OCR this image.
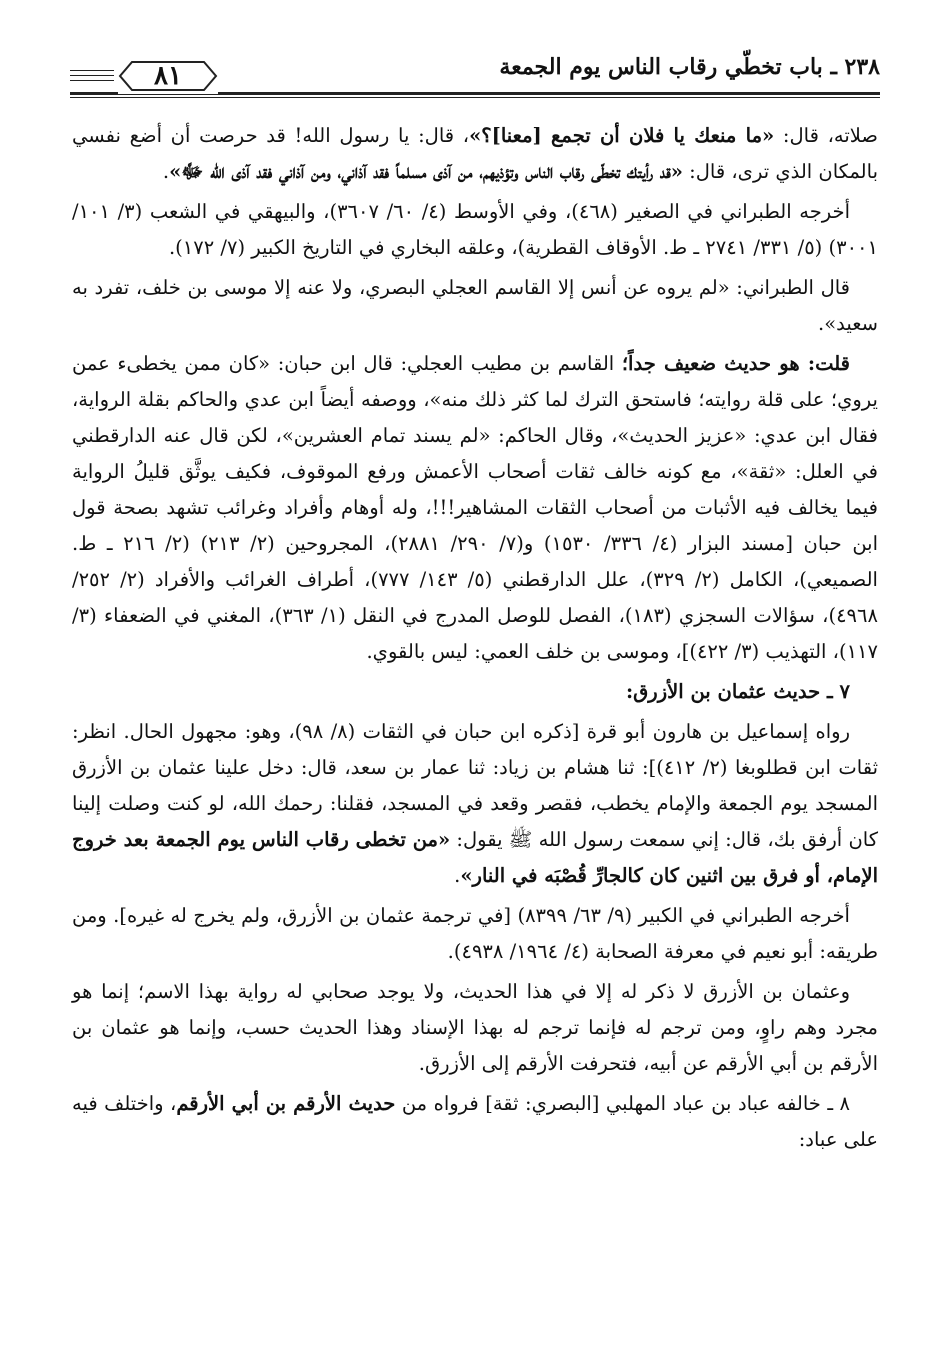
٨١	٢٣٨ ـ باب تخطّي رقاب الناس يوم الجمعة

صلاته، قال: «ما منعك يا فلان أن تجمع [معنا]؟»، قال: يا رسول الله! قد حرصت أن أضع نفسي بالمكان الذي ترى، قال: «قد رأيتك تخطّى رقاب الناس وتؤذيهم، من آذى مسلماً فقد آذاني، ومن آذاني فقد آذى الله ﷻ».

أخرجه الطبراني في الصغير (٤٦٨)، وفي الأوسط (٤/ ٦٠/ ٣٦٠٧)، والبيهقي في الشعب (٣/ ١٠١/ ٣٠٠١) (٥/ ٣٣١/ ٢٧٤١ ـ ط. الأوقاف القطرية)، وعلقه البخاري في التاريخ الكبير (٧/ ١٧٢).

قال الطبراني: «لم يروه عن أنس إلا القاسم العجلي البصري، ولا عنه إلا موسى بن خلف، تفرد به سعيد».

قلت: هو حديث ضعيف جداً؛ القاسم بن مطيب العجلي: قال ابن حبان: «كان ممن يخطىء عمن يروي؛ على قلة روايته؛ فاستحق الترك لما كثر ذلك منه»، ووصفه أيضاً ابن عدي والحاكم بقلة الرواية، فقال ابن عدي: «عزيز الحديث»، وقال الحاكم: «لم يسند تمام العشرين»، لكن قال عنه الدارقطني في العلل: «ثقة»، مع كونه خالف ثقات أصحاب الأعمش ورفع الموقوف، فكيف يوثَّق قليلُ الرواية فيما يخالف فيه الأثبات من أصحاب الثقات المشاهير!!!، وله أوهام وأفراد وغرائب تشهد بصحة قول ابن حبان [مسند البزار (٤/ ٣٣٦/ ١٥٣٠) و(٧/ ٢٩٠/ ٢٨٨١)، المجروحين (٢/ ٢١٣) (٢/ ٢١٦ ـ ط. الصميعي)، الكامل (٢/ ٣٢٩)، علل الدارقطني (٥/ ١٤٣/ ٧٧٧)، أطراف الغرائب والأفراد (٢/ ٢٥٢/ ٤٩٦٨)، سؤالات السجزي (١٨٣)، الفصل للوصل المدرج في النقل (١/ ٣٦٣)، المغني في الضعفاء (٣/ ١١٧)، التهذيب (٣/ ٤٢٢)]، وموسى بن خلف العمي: ليس بالقوي.

٧ ـ حديث عثمان بن الأزرق:

رواه إسماعيل بن هارون أبو قرة [ذكره ابن حبان في الثقات (٨/ ٩٨)، وهو: مجهول الحال. انظر: ثقات ابن قطلوبغا (٢/ ٤١٢)]: ثنا هشام بن زياد: ثنا عمار بن سعد، قال: دخل علينا عثمان بن الأزرق المسجد يوم الجمعة والإمام يخطب، فقصر وقعد في المسجد، فقلنا: رحمك الله، لو كنت وصلت إلينا كان أرفق بك، قال: إني سمعت رسول الله ﷺ يقول: «من تخطى رقاب الناس يوم الجمعة بعد خروج الإمام، أو فرق بين اثنين كان كالجارِّ قُصْبَه في النار».

أخرجه الطبراني في الكبير (٩/ ٦٣/ ٨٣٩٩) [في ترجمة عثمان بن الأزرق، ولم يخرج له غيره]. ومن طريقه: أبو نعيم في معرفة الصحابة (٤/ ١٩٦٤/ ٤٩٣٨).

وعثمان بن الأزرق لا ذكر له إلا في هذا الحديث، ولا يوجد صحابي له رواية بهذا الاسم؛ إنما هو مجرد وهم راوٍ، ومن ترجم له فإنما ترجم له بهذا الإسناد وهذا الحديث حسب، وإنما هو عثمان بن الأرقم بن أبي الأرقم عن أبيه، فتحرفت الأرقم إلى الأزرق.

٨ ـ خالفه عباد بن عباد المهلبي [البصري: ثقة] فرواه من حديث الأرقم بن أبي الأرقم، واختلف فيه على عباد:
